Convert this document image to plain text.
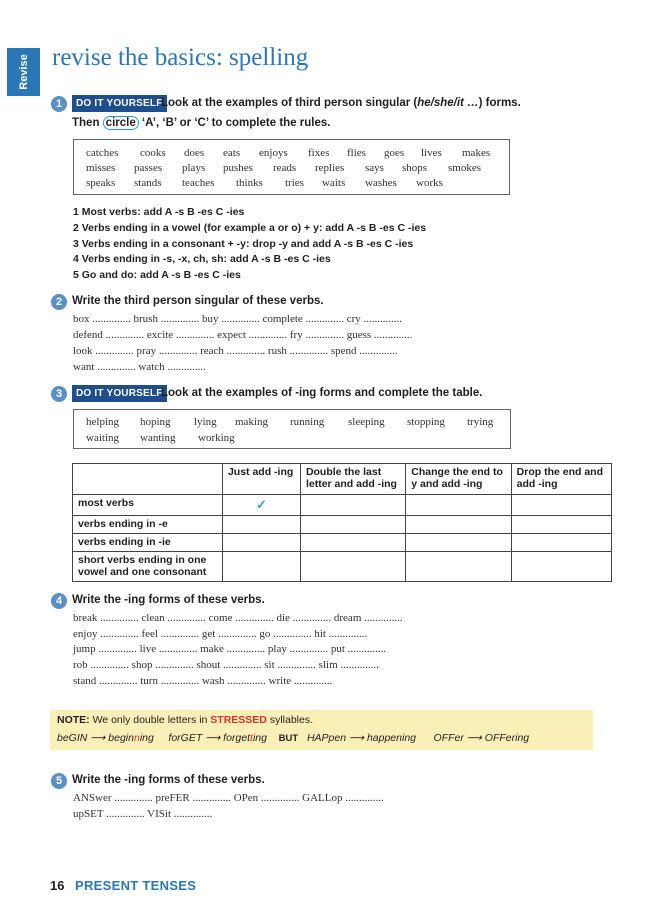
Revise revise the basics: spelling
1	DO IT YOURSELF
Look at the examples of third person singular (he/she/it …) forms.
Then circle ‘A’, ‘B’ or ‘C’ to complete the rules.
catches cooks does eats enjoys fixes flies goes lives makes
misses passes plays pushes reads replies says shops smokes
speaks stands teaches thinks tries waits washes works
1 Most verbs: add A -s B -es C -ies
2 Verbs ending in a vowel (for example a or o) + y: add A -s B -es C -ies
3 Verbs ending in a consonant + -y: drop -y and add A -s B -es C -ies
4 Verbs ending in -s, -x, ch, sh: add A -s B -es C -ies
5 Go and do: add A -s B -es C -ies
2 Write the third person singular of these verbs.
box .............. brush .............. buy .............. complete .............. cry ..............
defend .............. excite .............. expect .............. fry .............. guess ..............
look .............. pray .............. reach .............. rush .............. spend ..............
want .............. watch ..............
3	DO IT YOURSELF
Look at the examples of -ing forms and complete the table.
helping hoping lying making running sleeping stopping trying
waiting wanting working
	Just add -ing	Double the last letter and add -ing	Change the end to y and add -ing	Drop the end and add -ing
most verbs	✓			
verbs ending in -e				
verbs ending in -ie				
short verbs ending in one vowel and one consonant				
4 Write the -ing forms of these verbs.
break .............. clean .............. come .............. die .............. dream ..............
enjoy .............. feel .............. get .............. go .............. hit ..............
jump .............. live .............. make .............. play .............. put ..............
rob .............. shop .............. shout .............. sit .............. slim ..............
stand .............. turn .............. wash .............. write ..............
NOTE: We only double letters in STRESSED syllables.
beGIN ⟶ beginning forGET ⟶ forgetting BUT HAPpen ⟶ happening OFFer ⟶ OFFering
5 Write the -ing forms of these verbs.
ANSwer .............. preFER .............. OPen .............. GALLop ..............
upSET .............. VISit ..............
16 PRESENT TENSES
